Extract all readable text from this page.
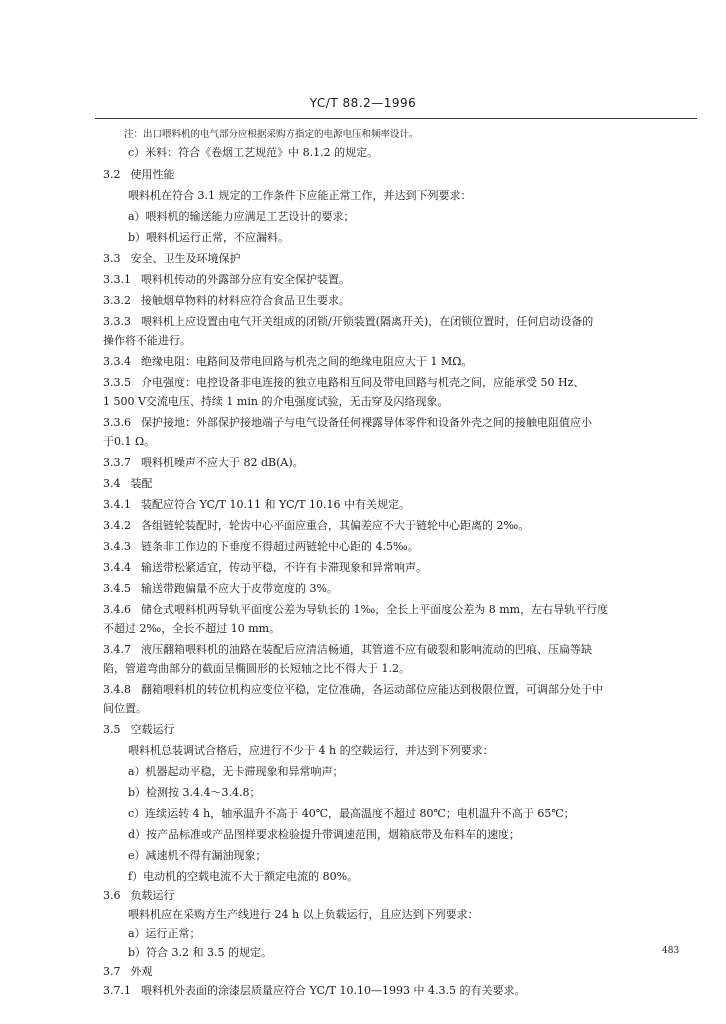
YC/T 88.2—1996
注：出口喂料机的电气部分应根据采购方指定的电源电压和频率设计。
c）米料：符合《卷烟工艺规范》中 8.1.2 的规定。
3.2 使用性能
喂料机在符合 3.1 规定的工作条件下应能正常工作，并达到下列要求：
a）喂料机的输送能力应满足工艺设计的要求；
b）喂料机运行正常，不应漏料。
3.3 安全、卫生及环境保护
3.3.1 喂料机传动的外露部分应有安全保护装置。
3.3.2 接触烟草物料的材料应符合食品卫生要求。
3.3.3 喂料机上应设置由电气开关组成的闭锁/开锁装置(隔离开关)，在闭锁位置时，任何启动设备的
操作将不能进行。
3.3.4 绝缘电阻：电路间及带电回路与机壳之间的绝缘电阻应大于 1 MΩ。
3.3.5 介电强度：电控设备非电连接的独立电路相互间及带电回路与机壳之间，应能承受 50 Hz、
1 500 V交流电压、持续 1 min 的介电强度试验，无击穿及闪络现象。
3.3.6 保护接地：外部保护接地端子与电气设备任何裸露导体零件和设备外壳之间的接触电阻值应小
于0.1 Ω。
3.3.7 喂料机噪声不应大于 82 dB(A)。
3.4 装配
3.4.1 装配应符合 YC/T 10.11 和 YC/T 10.16 中有关规定。
3.4.2 各组链轮装配时，轮齿中心平面应重合，其偏差应不大于链轮中心距离的 2‰。
3.4.3 链条非工作边的下垂度不得超过两链轮中心距的 4.5‰。
3.4.4 输送带松紧适宜，传动平稳，不许有卡滞现象和异常响声。
3.4.5 输送带跑偏量不应大于皮带宽度的 3%。
3.4.6 储仓式喂料机两导轨平面度公差为导轨长的 1‰，全长上平面度公差为 8 mm，左右导轨平行度
不超过 2‰，全长不超过 10 mm。
3.4.7 液压翻箱喂料机的油路在装配后应清洁畅通，其管道不应有破裂和影响流动的凹痕、压扁等缺
陷，管道弯曲部分的截面呈椭圆形的长短轴之比不得大于 1.2。
3.4.8 翻箱喂料机的转位机构应变位平稳，定位准确，各运动部位应能达到极限位置，可调部分处于中
间位置。
3.5 空载运行
喂料机总装调试合格后，应进行不少于 4 h 的空载运行，并达到下列要求：
a）机器起动平稳，无卡滞现象和异常响声；
b）检测按 3.4.4～3.4.8；
c）连续运转 4 h，轴承温升不高于 40℃，最高温度不超过 80℃；电机温升不高于 65℃；
d）按产品标准或产品图样要求检验提升带调速范围，烟箱底带及布料车的速度；
e）减速机不得有漏油现象；
f）电动机的空载电流不大于额定电流的 80%。
3.6 负载运行
喂料机应在采购方生产线进行 24 h 以上负载运行，且应达到下列要求：
a）运行正常；
b）符合 3.2 和 3.5 的规定。
3.7 外观
3.7.1 喂料机外表面的涂漆层质量应符合 YC/T 10.10—1993 中 4.3.5 的有关要求。
483
